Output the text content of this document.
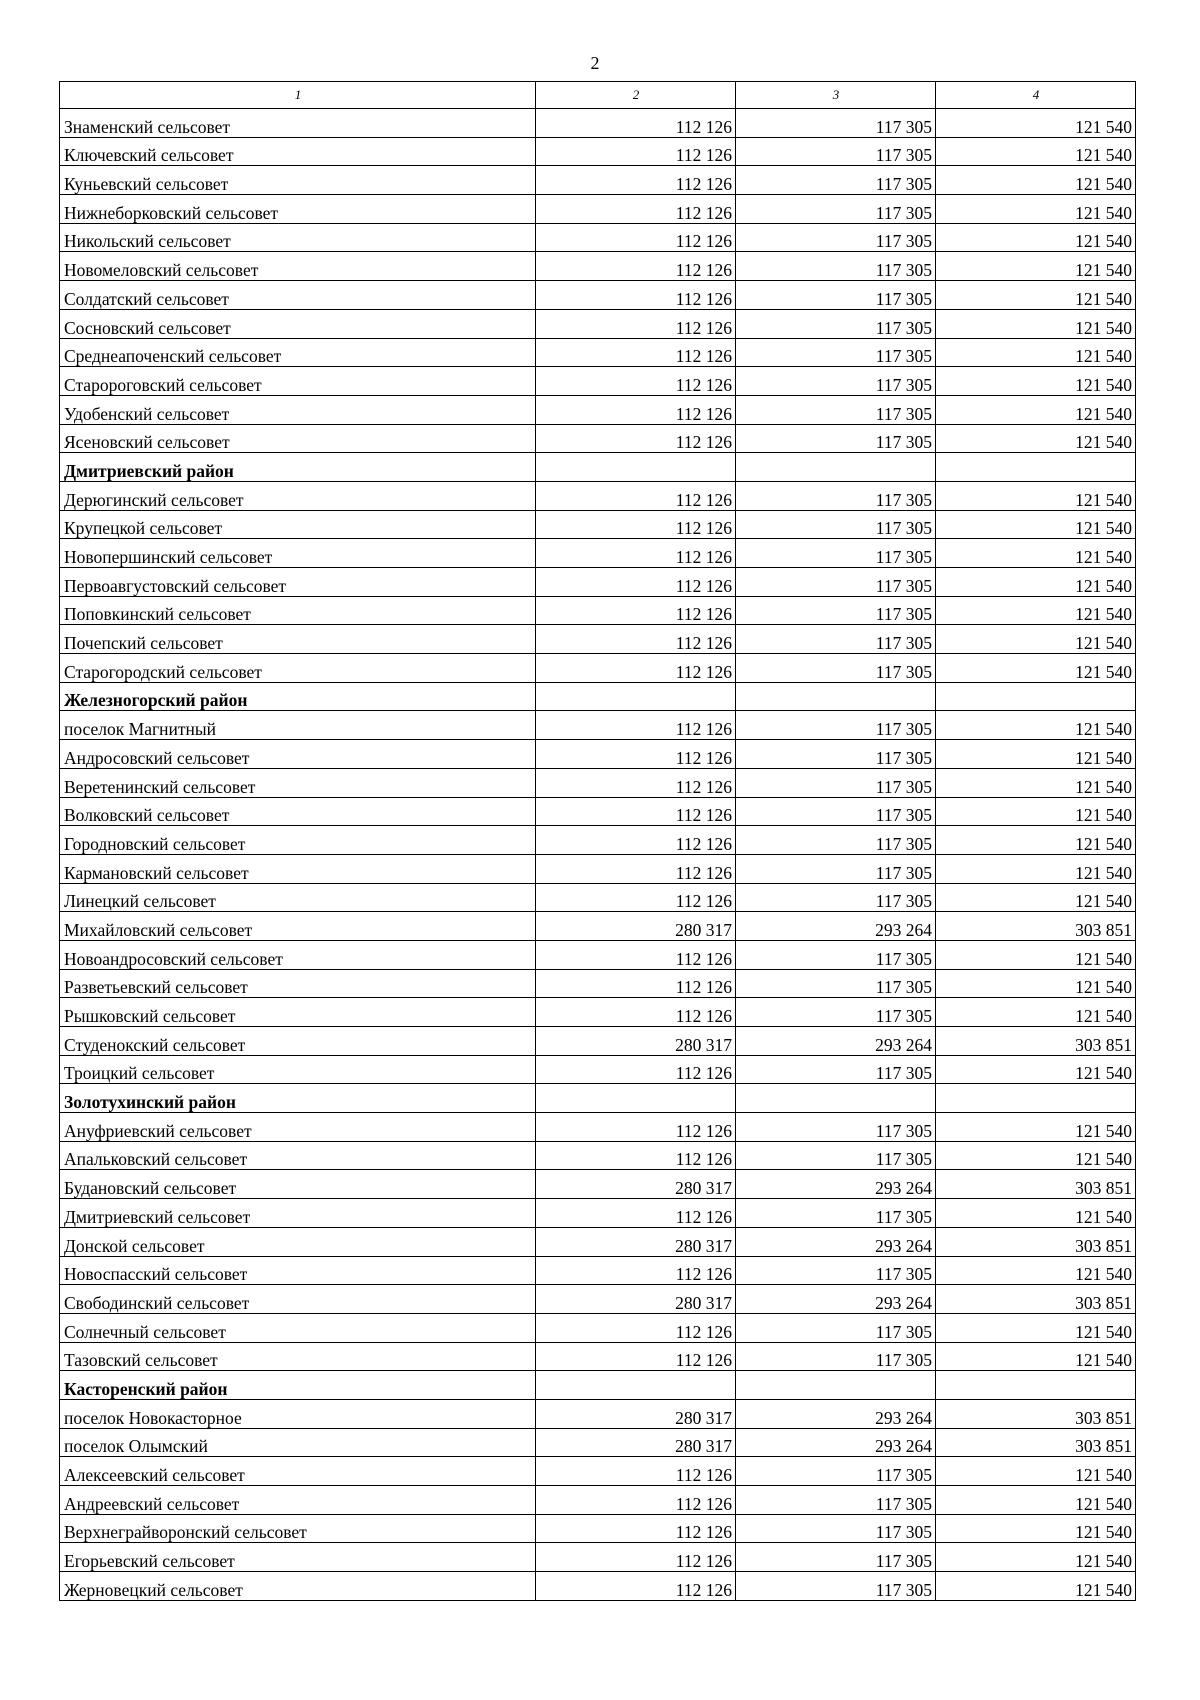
2
1	2	3	4
Знаменский сельсовет	112 126	117 305	121 540
Ключевский сельсовет	112 126	117 305	121 540
Куньевский сельсовет	112 126	117 305	121 540
Нижнеборковский сельсовет	112 126	117 305	121 540
Никольский сельсовет	112 126	117 305	121 540
Новомеловский сельсовет	112 126	117 305	121 540
Солдатский сельсовет	112 126	117 305	121 540
Сосновский сельсовет	112 126	117 305	121 540
Среднеапоченский сельсовет	112 126	117 305	121 540
Старороговский сельсовет	112 126	117 305	121 540
Удобенский сельсовет	112 126	117 305	121 540
Ясеновский сельсовет	112 126	117 305	121 540
Дмитриевский район			
Дерюгинский сельсовет	112 126	117 305	121 540
Крупецкой сельсовет	112 126	117 305	121 540
Новопершинский сельсовет	112 126	117 305	121 540
Первоавгустовский сельсовет	112 126	117 305	121 540
Поповкинский сельсовет	112 126	117 305	121 540
Почепский сельсовет	112 126	117 305	121 540
Старогородский сельсовет	112 126	117 305	121 540
Железногорский район			
поселок Магнитный	112 126	117 305	121 540
Андросовский сельсовет	112 126	117 305	121 540
Веретенинский сельсовет	112 126	117 305	121 540
Волковский сельсовет	112 126	117 305	121 540
Городновский сельсовет	112 126	117 305	121 540
Кармановский сельсовет	112 126	117 305	121 540
Линецкий сельсовет	112 126	117 305	121 540
Михайловский сельсовет	280 317	293 264	303 851
Новоандросовский сельсовет	112 126	117 305	121 540
Разветьевский сельсовет	112 126	117 305	121 540
Рышковский сельсовет	112 126	117 305	121 540
Студенокский сельсовет	280 317	293 264	303 851
Троицкий сельсовет	112 126	117 305	121 540
Золотухинский район			
Ануфриевский сельсовет	112 126	117 305	121 540
Апальковский сельсовет	112 126	117 305	121 540
Будановский сельсовет	280 317	293 264	303 851
Дмитриевский сельсовет	112 126	117 305	121 540
Донской сельсовет	280 317	293 264	303 851
Новоспасский сельсовет	112 126	117 305	121 540
Свободинский сельсовет	280 317	293 264	303 851
Солнечный сельсовет	112 126	117 305	121 540
Тазовский сельсовет	112 126	117 305	121 540
Касторенский район			
поселок Новокасторное	280 317	293 264	303 851
поселок Олымский	280 317	293 264	303 851
Алексеевский сельсовет	112 126	117 305	121 540
Андреевский сельсовет	112 126	117 305	121 540
Верхнеграйворонский сельсовет	112 126	117 305	121 540
Егорьевский сельсовет	112 126	117 305	121 540
Жерновецкий сельсовет	112 126	117 305	121 540
